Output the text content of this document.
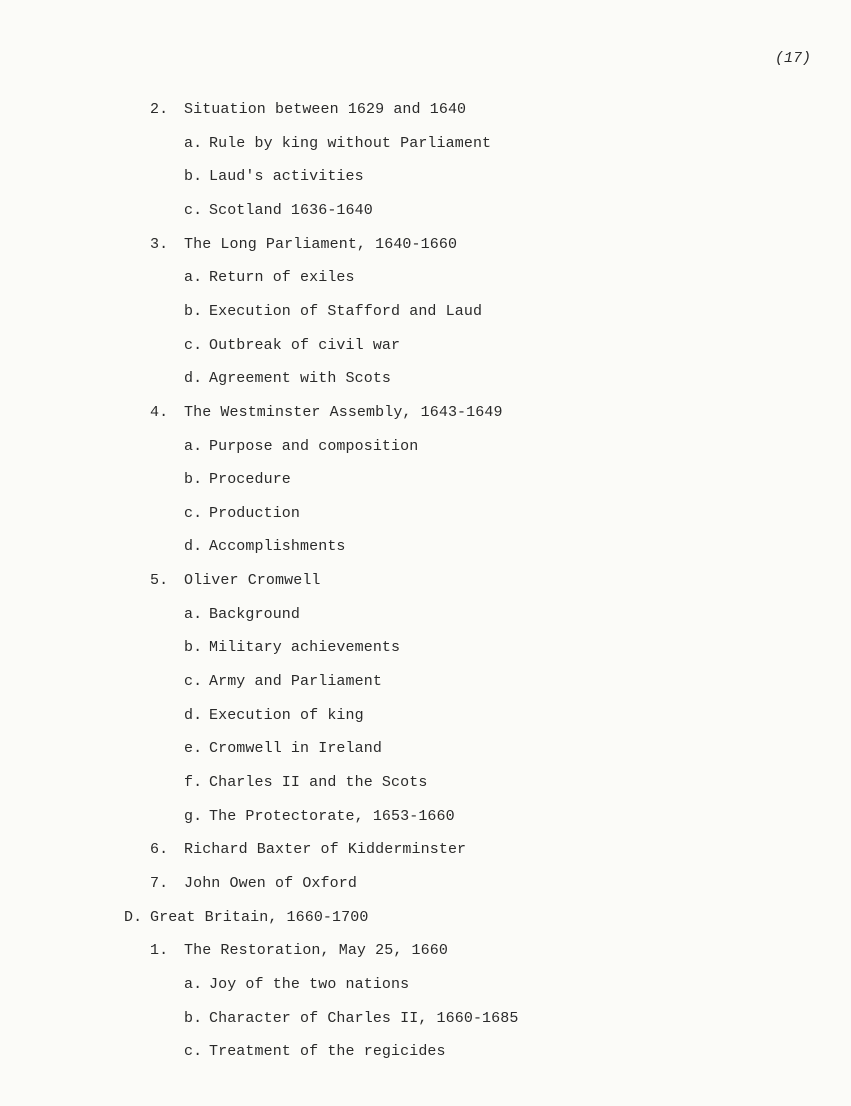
(17)
2. Situation between 1629 and 1640
a. Rule by king without Parliament
b. Laud's activities
c. Scotland 1636-1640
3. The Long Parliament, 1640-1660
a. Return of exiles
b. Execution of Stafford and Laud
c. Outbreak of civil war
d. Agreement with Scots
4. The Westminster Assembly, 1643-1649
a. Purpose and composition
b. Procedure
c. Production
d. Accomplishments
5. Oliver Cromwell
a. Background
b. Military achievements
c. Army and Parliament
d. Execution of king
e. Cromwell in Ireland
f. Charles II and the Scots
g. The Protectorate, 1653-1660
6. Richard Baxter of Kidderminster
7. John Owen of Oxford
D. Great Britain, 1660-1700
1. The Restoration, May 25, 1660
a. Joy of the two nations
b. Character of Charles II, 1660-1685
c. Treatment of the regicides
